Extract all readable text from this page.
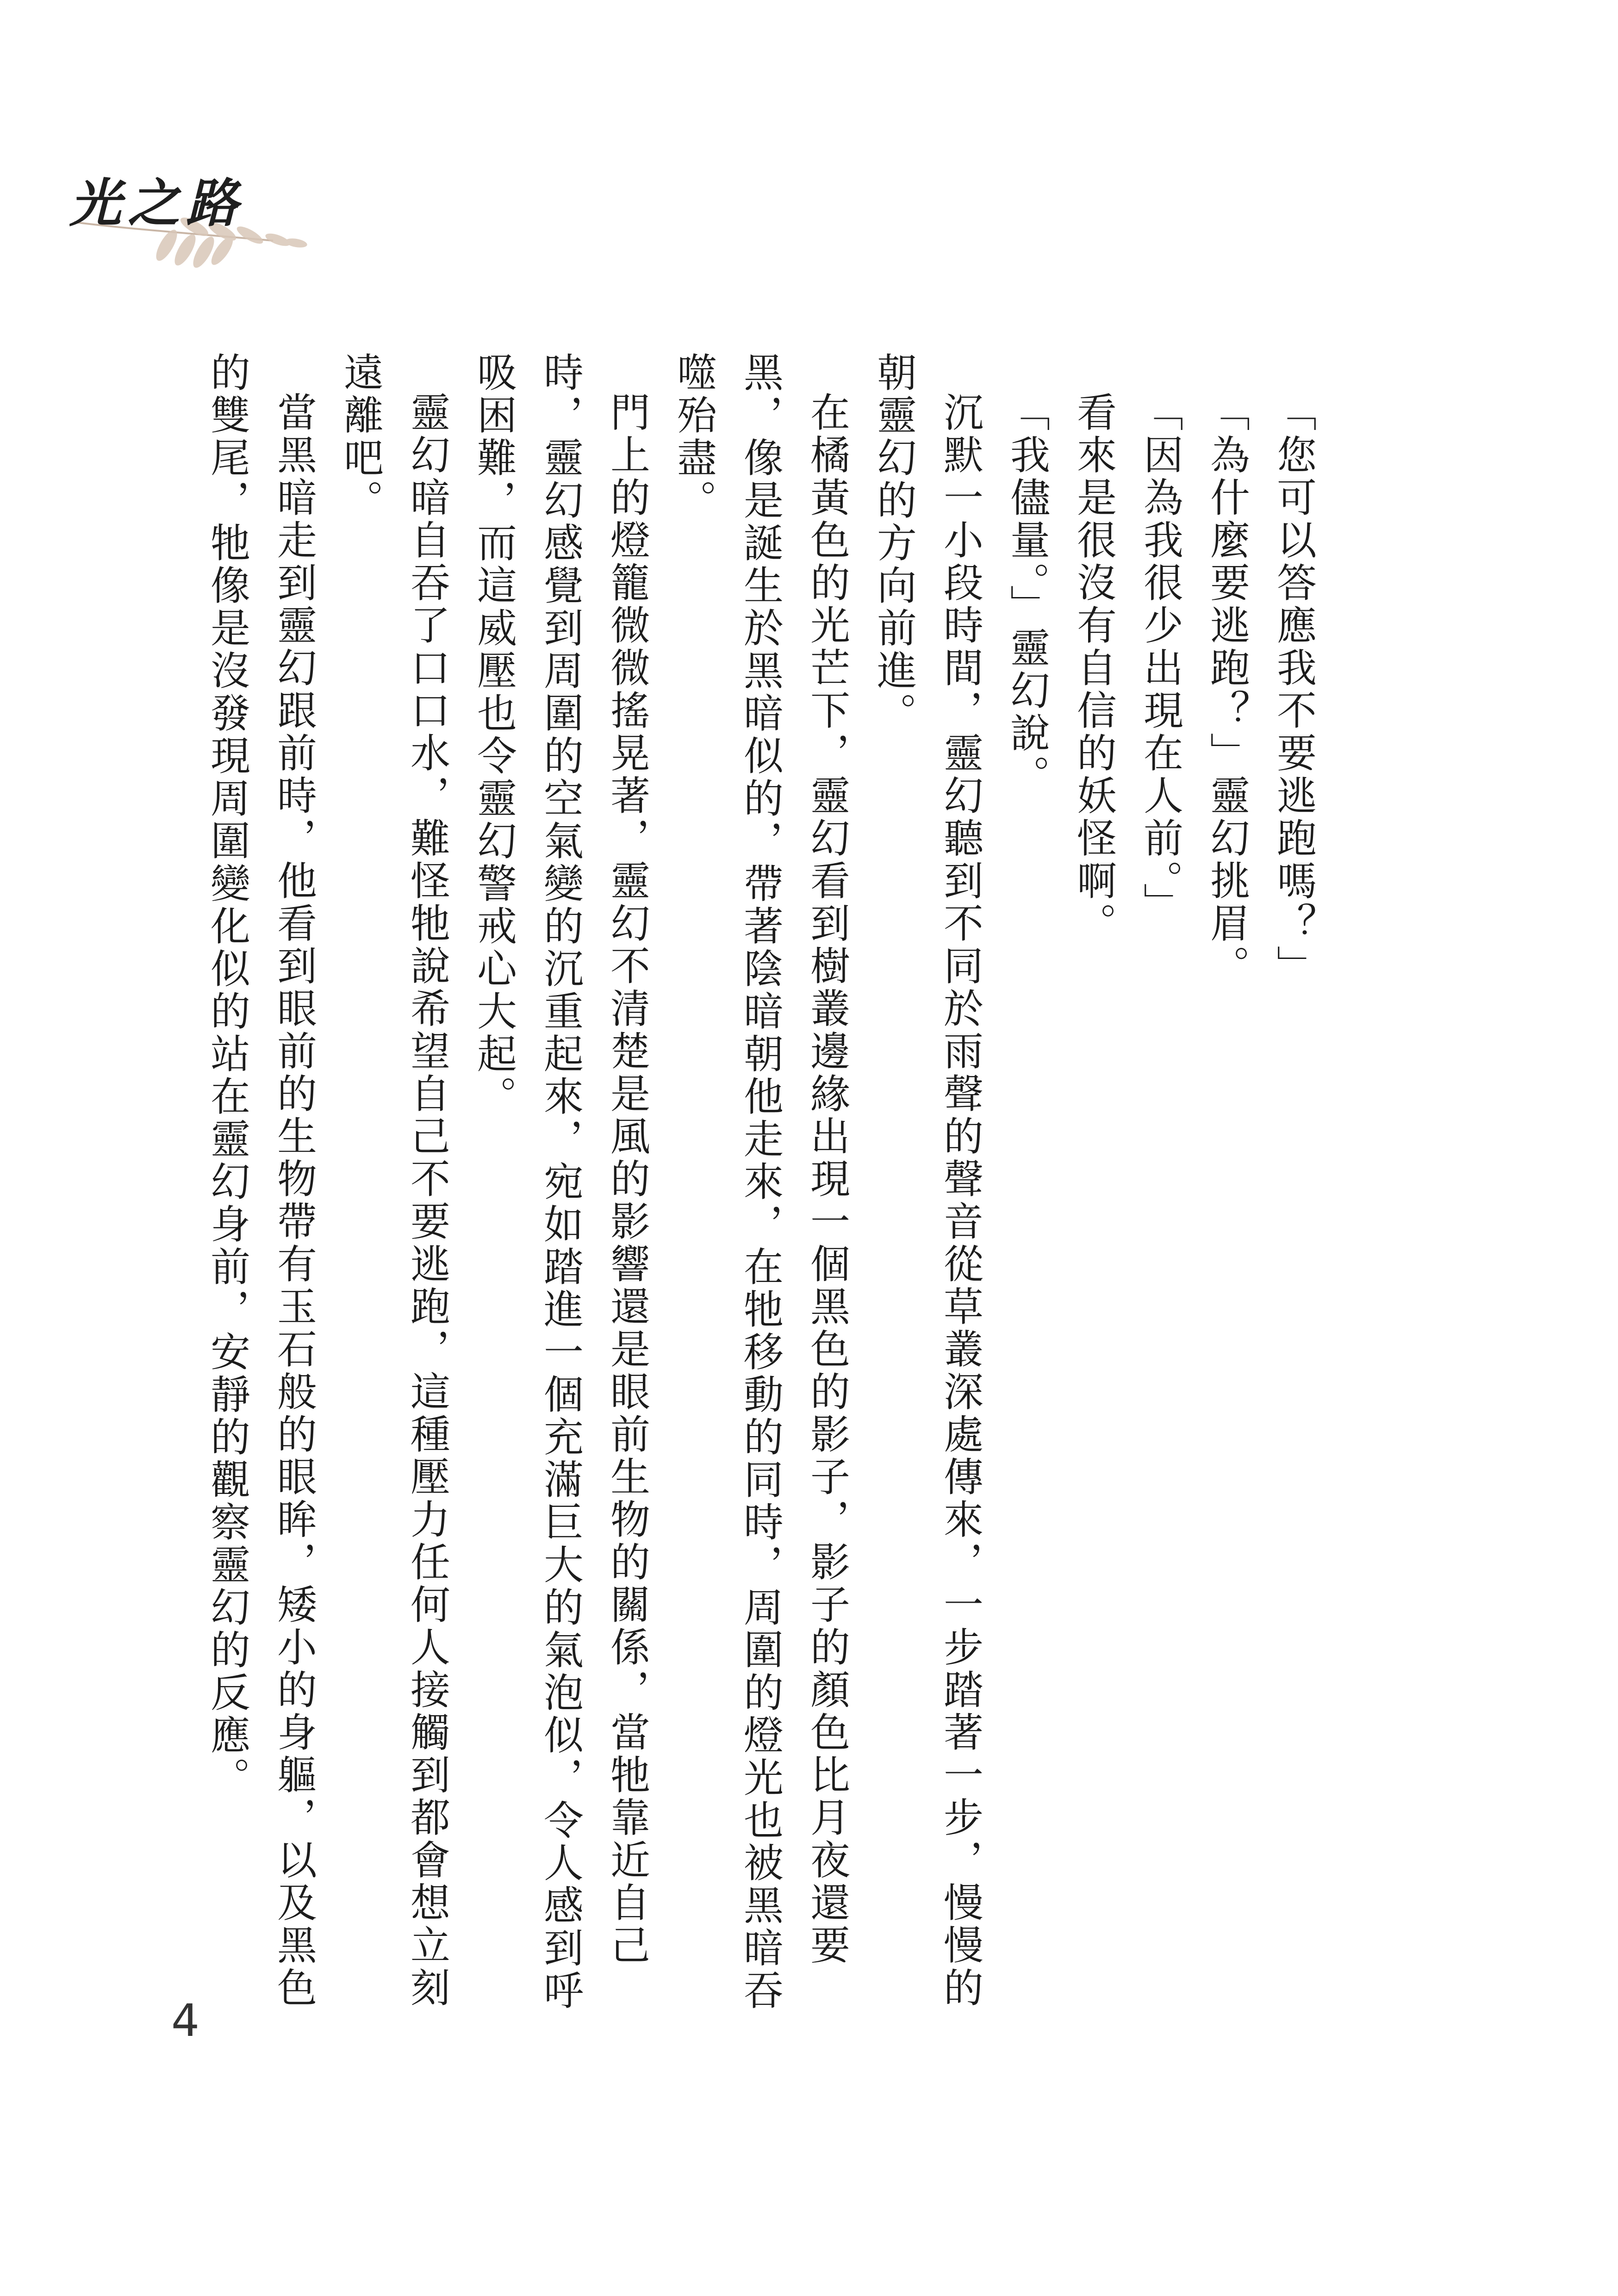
光之路

「您可以答應我不要逃跑嗎？」

「為什麼要逃跑？」靈幻挑眉。

「因為我很少出現在人前。」

看來是很沒有自信的妖怪啊。

「我儘量。」靈幻說。

沉默一小段時間，靈幻聽到不同於雨聲的聲音從草叢深處傳來，一步踏著一步，慢慢的朝靈幻的方向前進。

在橘黃色的光芒下，靈幻看到樹叢邊緣出現一個黑色的影子，影子的顏色比月夜還要黑，像是誕生於黑暗似的，帶著陰暗朝他走來，在牠移動的同時，周圍的燈光也被黑暗吞噬殆盡。

門上的燈籠微微搖晃著，靈幻不清楚是風的影響還是眼前生物的關係，當牠靠近自己時，靈幻感覺到周圍的空氣變的沉重起來，宛如踏進一個充滿巨大的氣泡似，令人感到呼吸困難，而這威壓也令靈幻警戒心大起。

靈幻暗自吞了口口水，難怪牠說希望自己不要逃跑，這種壓力任何人接觸到都會想立刻遠離吧。

當黑暗走到靈幻跟前時，他看到眼前的生物帶有玉石般的眼眸，矮小的身軀，以及黑色的雙尾，牠像是沒發現周圍變化似的站在靈幻身前，安靜的觀察靈幻的反應。

4
